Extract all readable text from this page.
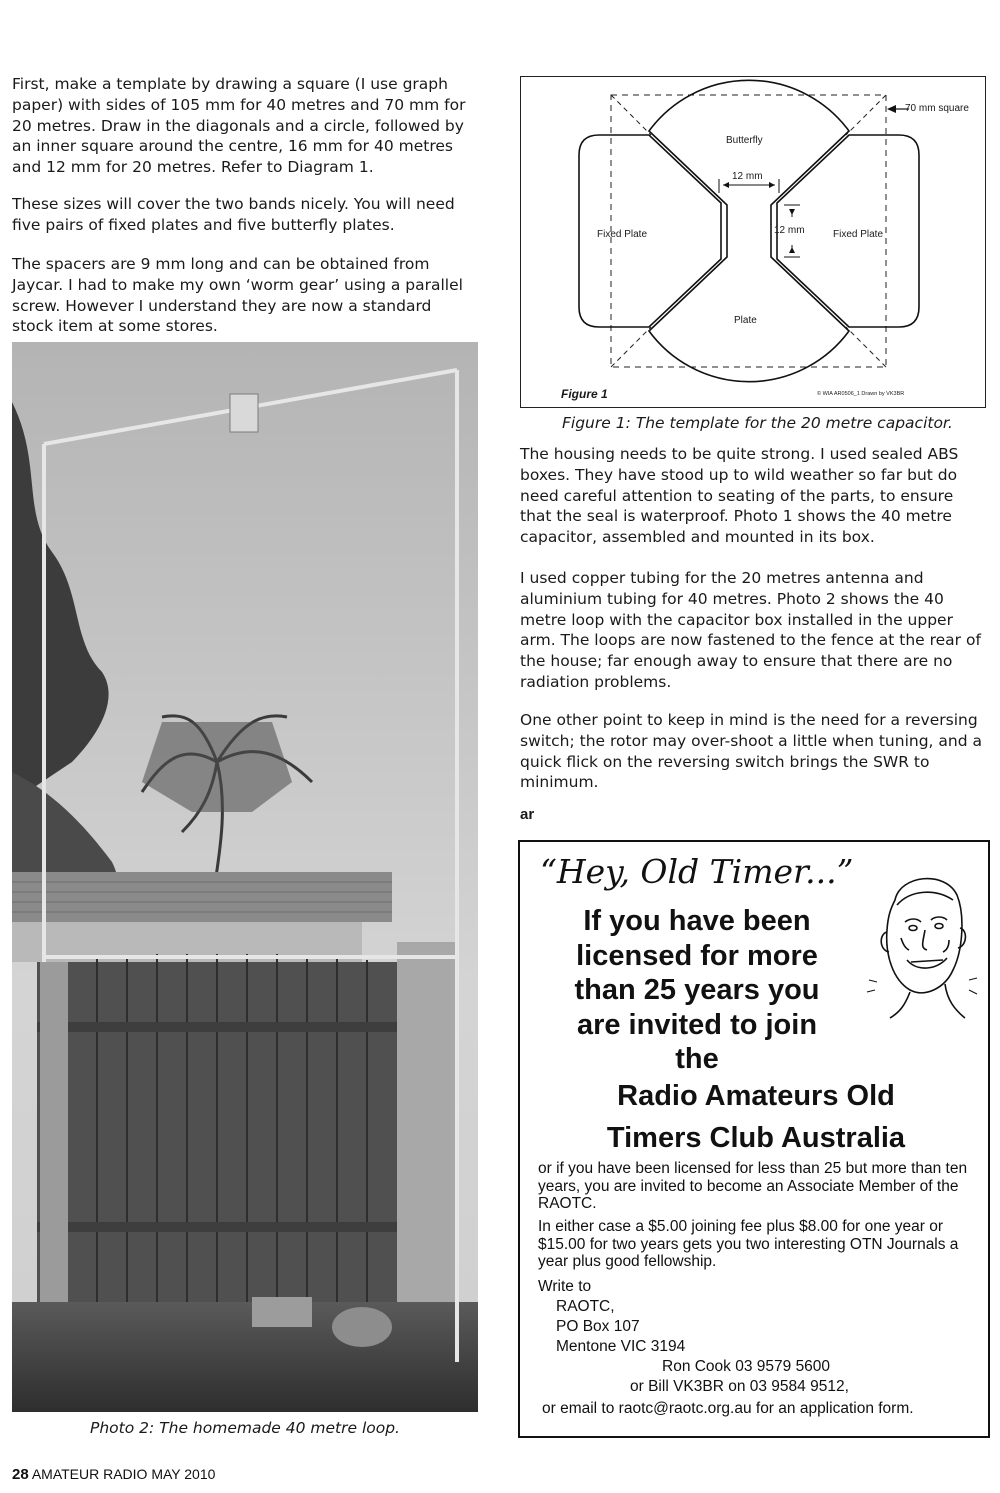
First, make a template by drawing a square (I use graph paper) with sides of 105 mm for 40 metres and 70 mm for 20 metres. Draw in the diagonals and a circle, followed by an inner square around the centre, 16 mm for 40 metres and 12 mm for 20 metres. Refer to Diagram 1.

These sizes will cover the two bands nicely. You will need five pairs of fixed plates and five butterfly plates.

The spacers are 9 mm long and can be obtained from Jaycar. I had to make my own ‘worm gear’ using a parallel screw. However I understand they are now a standard stock item at some stores.

Photo 2: The homemade 40 metre loop.

70 mm square
Butterfly
12 mm
12 mm
Fixed Plate	Fixed Plate
Plate
Figure 1	© WIA AR0506_1 Drawn by VK3BR

Figure 1: The template for the 20 metre capacitor.

The housing needs to be quite strong. I used sealed ABS boxes. They have stood up to wild weather so far but do need careful attention to seating of the parts, to ensure that the seal is waterproof. Photo 1 shows the 40 metre capacitor, assembled and mounted in its box.

I used copper tubing for the 20 metres antenna and aluminium tubing for 40 metres. Photo 2 shows the 40 metre loop with the capacitor box installed in the upper arm. The loops are now fastened to the fence at the rear of the house; far enough away to ensure that there are no radiation problems.

One other point to keep in mind is the need for a reversing switch; the rotor may over-shoot a little when tuning, and a quick flick on the reversing switch brings the SWR to minimum.

ar
“Hey, Old Timer...”
If you have been
licensed for more
than 25 years you
are invited to join
the
Radio Amateurs Old
Timers Club Australia

or if you have been licensed for less than 25 but more than ten years, you are invited to become an Associate Member of the RAOTC.

In either case a $5.00 joining fee plus $8.00 for one year or $15.00 for two years gets you two interesting OTN Journals a year plus good fellowship.

Write to
RAOTC,
PO Box 107
Mentone VIC 3194
Ron Cook 03 9579 5600
or Bill VK3BR on 03 9584 9512,
or email to raotc@raotc.org.au for an application form.
28 AMATEUR RADIO MAY 2010
